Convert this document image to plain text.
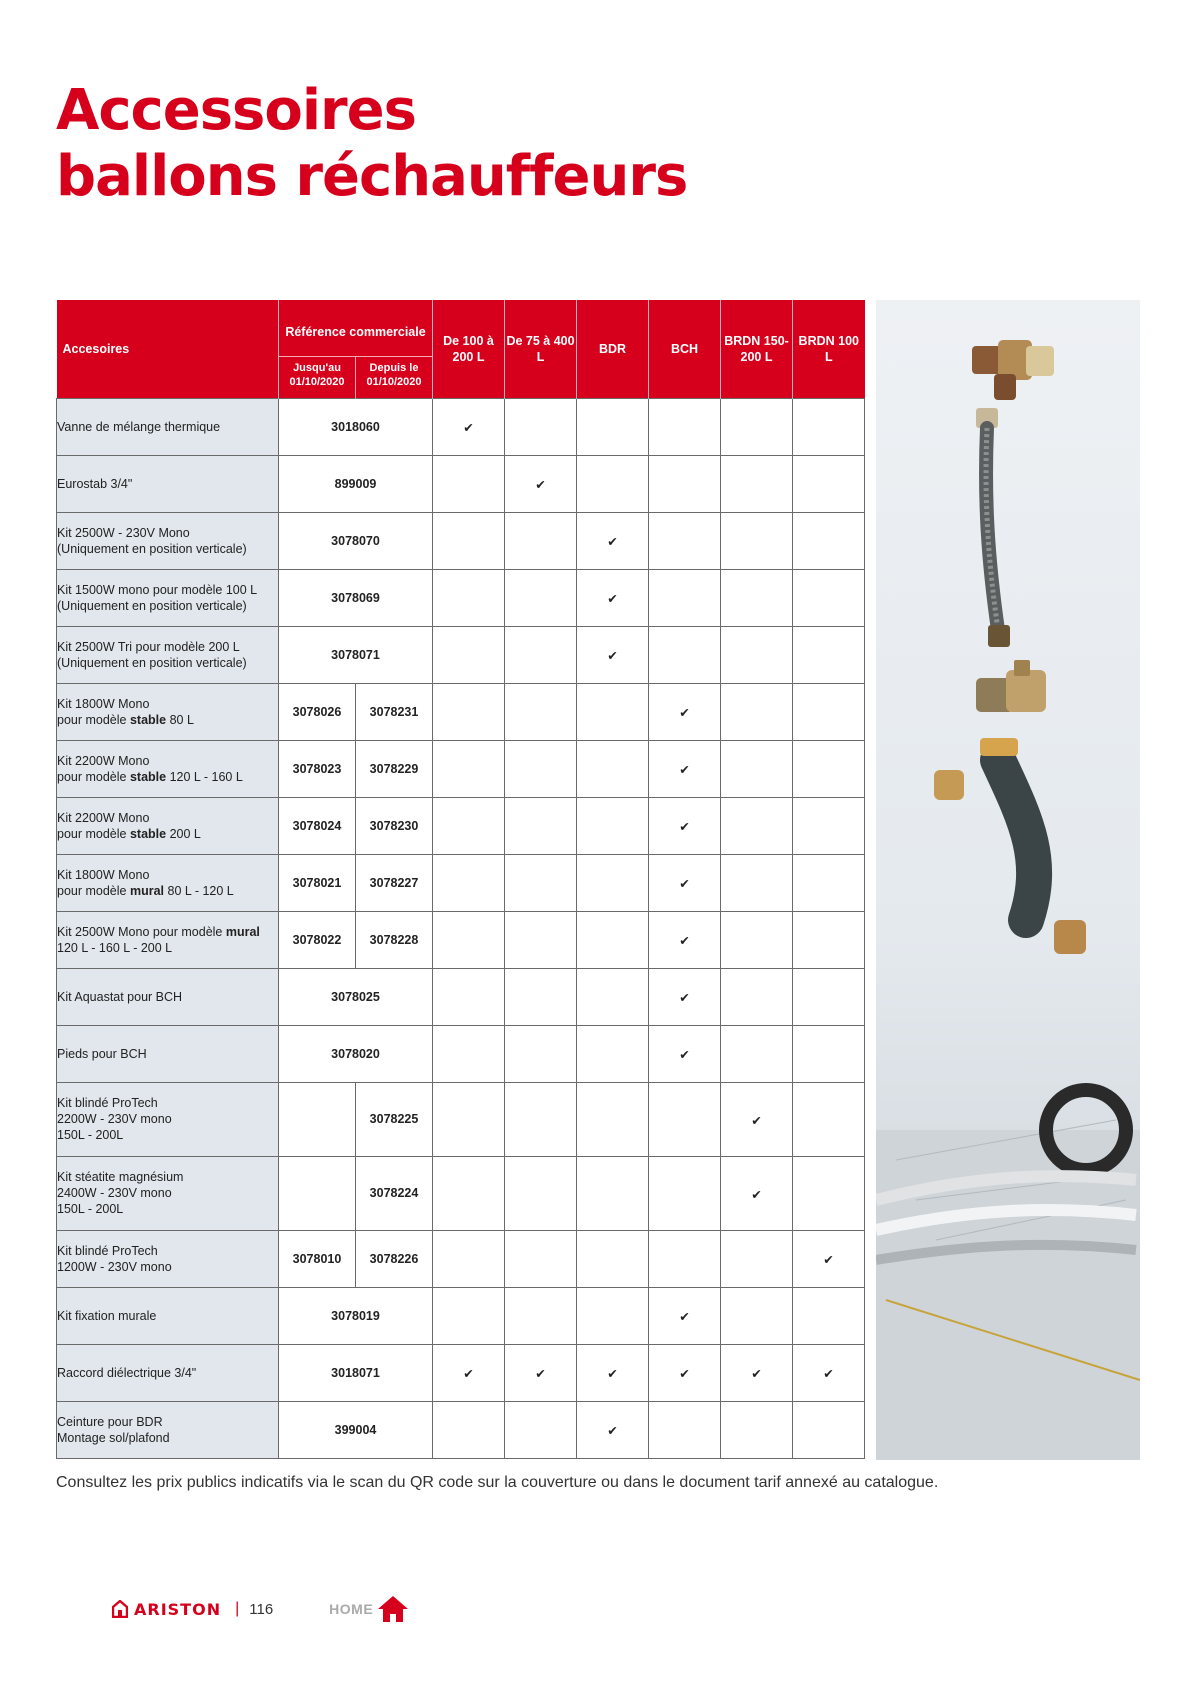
Accessoires
ballons réchauffeurs
Accesoires	Référence commerciale		De 100 à 200 L	De 75 à 400 L	BDR	BCH	BRDN 150-200 L	BRDN 100 L
	Jusqu'au 01/10/2020	Depuis le 01/10/2020						
Vanne de mélange thermique	3018060		✔					
Eurostab 3/4"	899009			✔				
Kit 2500W - 230V Mono
(Uniquement en position verticale)	3078070				✔			
Kit 1500W mono pour modèle 100 L
(Uniquement en position verticale)	3078069				✔			
Kit 2500W Tri pour modèle 200 L
(Uniquement en position verticale)	3078071				✔			
Kit 1800W Mono
pour modèle stable 80 L	3078026	3078231				✔		
Kit 2200W Mono
pour modèle stable 120 L - 160 L	3078023	3078229				✔		
Kit 2200W Mono
pour modèle stable 200 L	3078024	3078230				✔		
Kit 1800W Mono
pour modèle mural 80 L - 120 L	3078021	3078227				✔		
Kit 2500W Mono pour modèle mural
120 L - 160 L - 200 L	3078022	3078228				✔		
Kit Aquastat pour BCH	3078025					✔		
Pieds pour BCH	3078020					✔		
Kit blindé ProTech
2200W - 230V mono
150L - 200L		3078225					✔	
Kit stéatite magnésium
2400W - 230V mono
150L - 200L		3078224					✔	
Kit blindé ProTech
1200W - 230V mono	3078010	3078226						✔
Kit fixation murale	3078019					✔		
Raccord diélectrique 3/4"	3018071		✔	✔	✔	✔	✔	✔
Ceinture pour BDR
Montage sol/plafond	399004				✔			

Consultez les prix publics indicatifs via le scan du QR code sur la couverture ou dans le document tarif annexé au catalogue.

ARISTON | 116	HOME
